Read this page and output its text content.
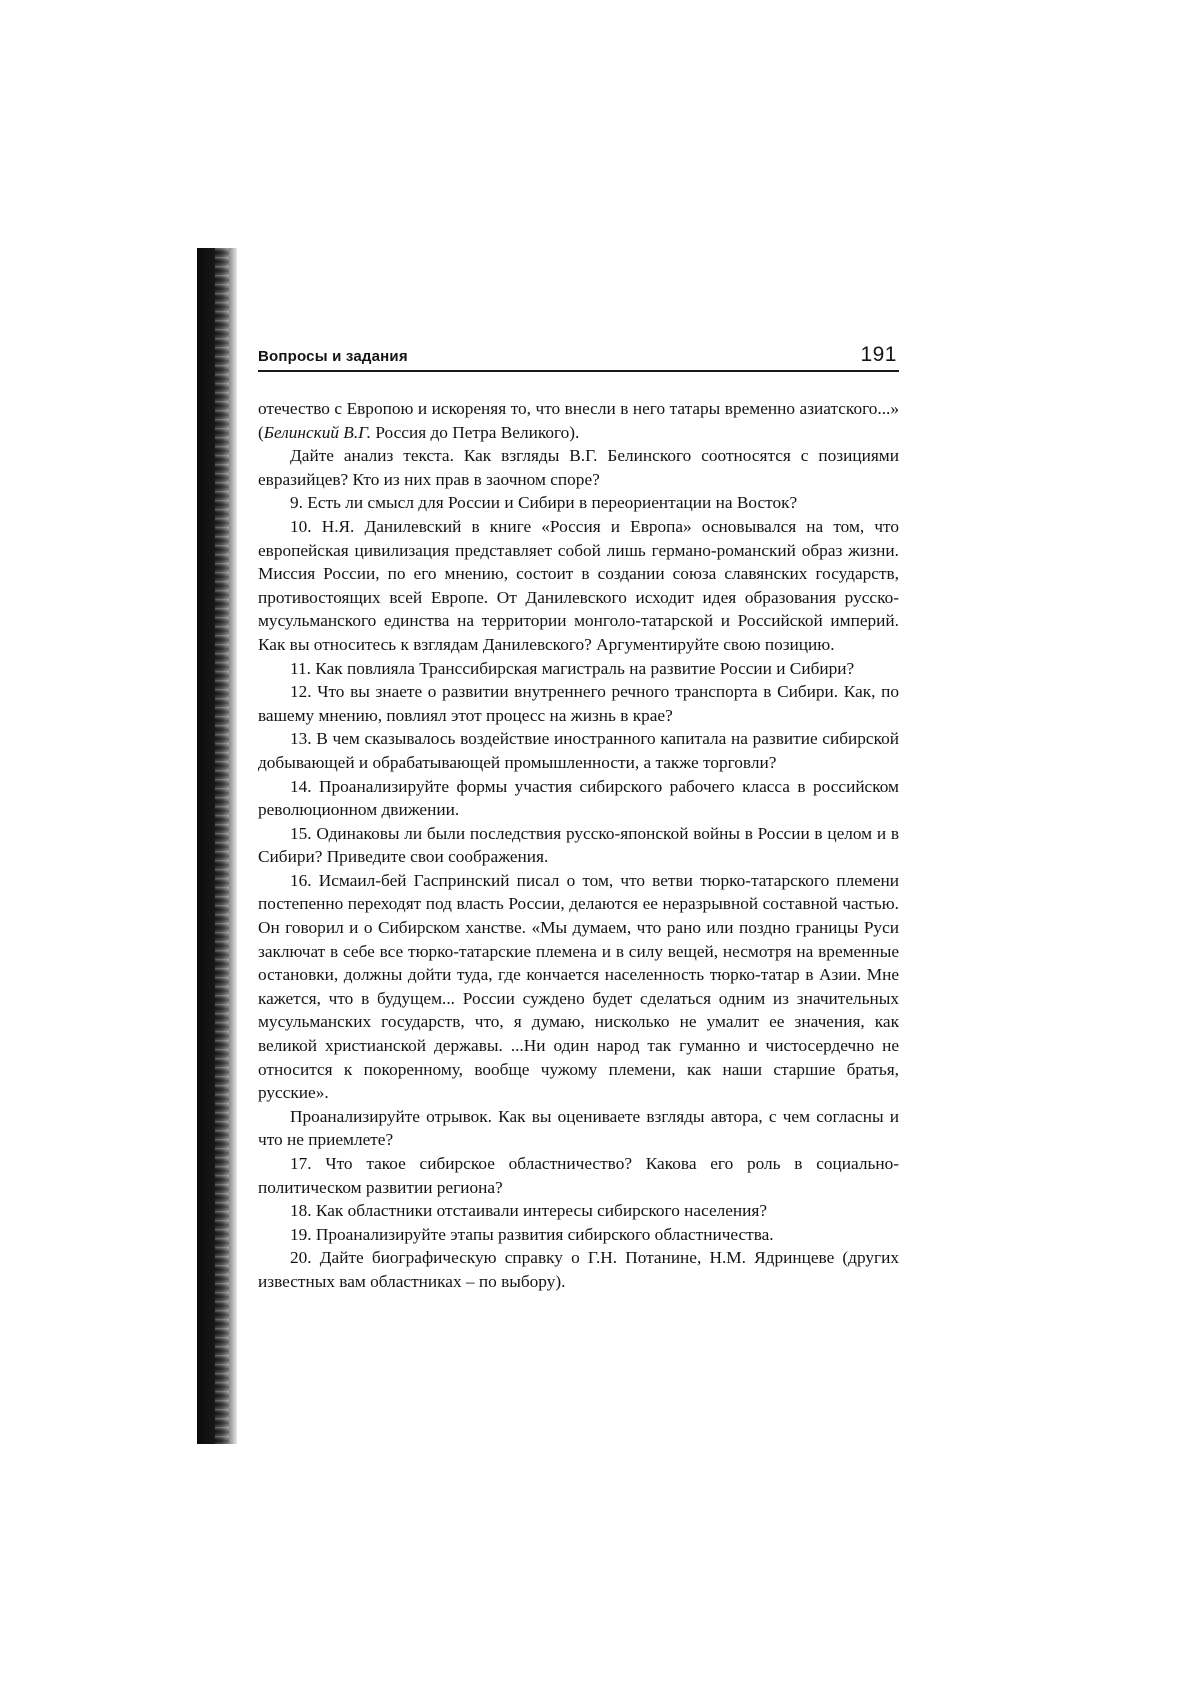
Вопросы и задания	191

отечество с Европою и искореняя то, что внесли в него татары временно азиатского...» (Белинский В.Г. Россия до Петра Великого).

Дайте анализ текста. Как взгляды В.Г. Белинского соотносятся с позициями евразийцев? Кто из них прав в заочном споре?

9. Есть ли смысл для России и Сибири в переориентации на Восток?

10. Н.Я. Данилевский в книге «Россия и Европа» основывался на том, что европейская цивилизация представляет собой лишь германо-романский образ жизни. Миссия России, по его мнению, состоит в создании союза славянских государств, противостоящих всей Европе. От Данилевского исходит идея образования русско-мусульманского единства на территории монголо-татарской и Российской империй. Как вы относитесь к взглядам Данилевского? Аргументируйте свою позицию.

11. Как повлияла Транссибирская магистраль на развитие России и Сибири?

12. Что вы знаете о развитии внутреннего речного транспорта в Сибири. Как, по вашему мнению, повлиял этот процесс на жизнь в крае?

13. В чем сказывалось воздействие иностранного капитала на развитие сибирской добывающей и обрабатывающей промышленности, а также торговли?

14. Проанализируйте формы участия сибирского рабочего класса в российском революционном движении.

15. Одинаковы ли были последствия русско-японской войны в России в целом и в Сибири? Приведите свои соображения.

16. Исмаил-бей Гаспринский писал о том, что ветви тюрко-татарского племени постепенно переходят под власть России, делаются ее неразрывной составной частью. Он говорил и о Сибирском ханстве. «Мы думаем, что рано или поздно границы Руси заключат в себе все тюрко-татарские племена и в силу вещей, несмотря на временные остановки, должны дойти туда, где кончается населенность тюрко-татар в Азии. Мне кажется, что в будущем... России суждено будет сделаться одним из значительных мусульманских государств, что, я думаю, нисколько не умалит ее значения, как великой христианской державы. ...Ни один народ так гуманно и чистосердечно не относится к покоренному, вообще чужому племени, как наши старшие братья, русские».

Проанализируйте отрывок. Как вы оцениваете взгляды автора, с чем согласны и что не приемлете?

17. Что такое сибирское областничество? Какова его роль в социально-политическом развитии региона?

18. Как областники отстаивали интересы сибирского населения?

19. Проанализируйте этапы развития сибирского областничества.

20. Дайте биографическую справку о Г.Н. Потанине, Н.М. Ядринцеве (других известных вам областниках – по выбору).
